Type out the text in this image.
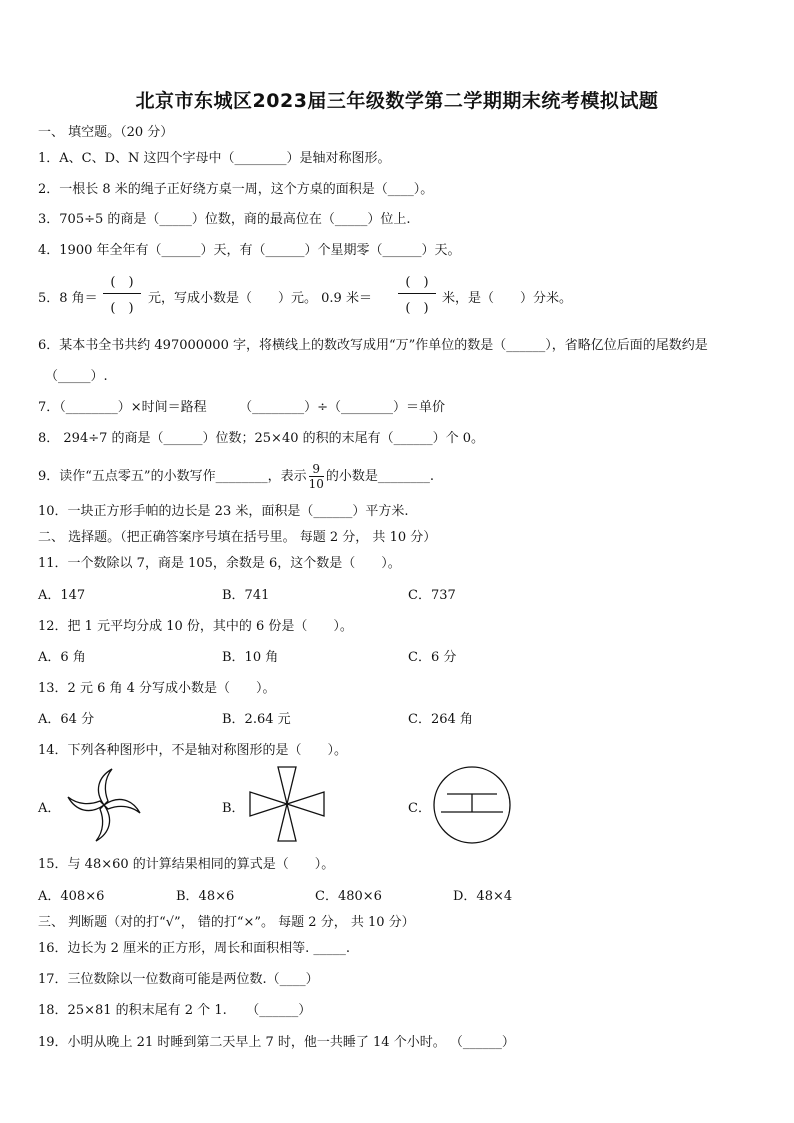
北京市东城区2023届三年级数学第二学期期末统考模拟试题
一、 填空题。（20 分）
1．A、C、D、N 这四个字母中（________）是轴对称图形。
2．一根长 8 米的绳子正好绕方桌一周，这个方桌的面积是（____）。
3．705÷5 的商是（_____）位数，商的最高位在（_____）位上.
4．1900 年全年有（______）天，有（______）个星期零（______）天。
5．8 角＝
(　)
(　)
元，写成小数是（　　）元。 0.9 米＝
(　)
(　)
米，是（　　）分米。
6．某本书全书共约 497000000 字，将横线上的数改写成用“万”作单位的数是（______），省略亿位后面的尾数约是
（_____）.
7．（________）×时间＝路程　　　（________）÷（________）＝单价
8． 294÷7 的商是（______）位数；25×40 的积的末尾有（______）个 0。
9．读作“五点零五”的小数写作________，表示 $\frac{9}{10}$ 的小数是________.
10．一块正方形手帕的边长是 23 米，面积是（______）平方米.
二、 选择题。（把正确答案序号填在括号里。 每题 2 分， 共 10 分）
11．一个数除以 7，商是 105，余数是 6，这个数是（　　）。
A．147	B．741	C．737
12．把 1 元平均分成 10 份，其中的 6 份是（　　）。
A．6 角	B．10 角	C．6 分
13．2 元 6 角 4 分写成小数是（　　）。
A．64 分	B．2.64 元	C．264 角
14．下列各种图形中，不是轴对称图形的是（　　）。
A．	B．	C．
15．与 48×60 的计算结果相同的算式是（　　）。
A．408×6	B．48×6	C．480×6	D．48×4
三、 判断题（对的打“√”， 错的打“×”。 每题 2 分， 共 10 分）
16．边长为 2 厘米的正方形，周长和面积相等. _____.
17．三位数除以一位数商可能是两位数.（____）
18．25×81 的积末尾有 2 个 1.　　（______）
19．小明从晚上 21 时睡到第二天早上 7 时，他一共睡了 14 个小时。 （______）
